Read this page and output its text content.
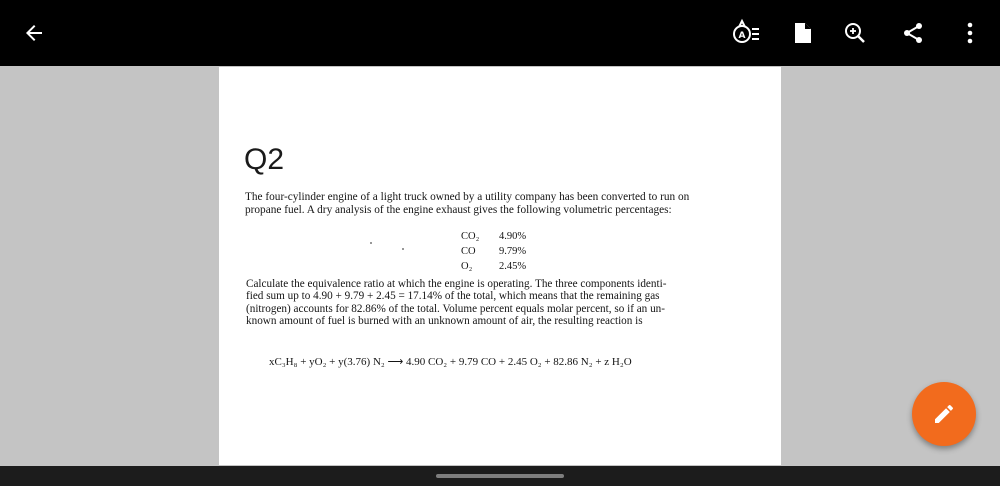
A
Q2
The four-cylinder engine of a light truck owned by a utility company has been converted to run on
propane fuel. A dry analysis of the engine exhaust gives the following volumetric percentages:
CO₂	4.90%
CO	9.79%
O₂	2.45%
Calculate the equivalence ratio at which the engine is operating. The three components identi-
fied sum up to 4.90 + 9.79 + 2.45 = 17.14% of the total, which means that the remaining gas
(nitrogen) accounts for 82.86% of the total. Volume percent equals molar percent, so if an un-
known amount of fuel is burned with an unknown amount of air, the resulting reaction is
xC₃H₈ + yO₂ + y(3.76) N₂ ⟶ 4.90 CO₂ + 9.79 CO + 2.45 O₂ + 82.86 N₂ + z H₂O
